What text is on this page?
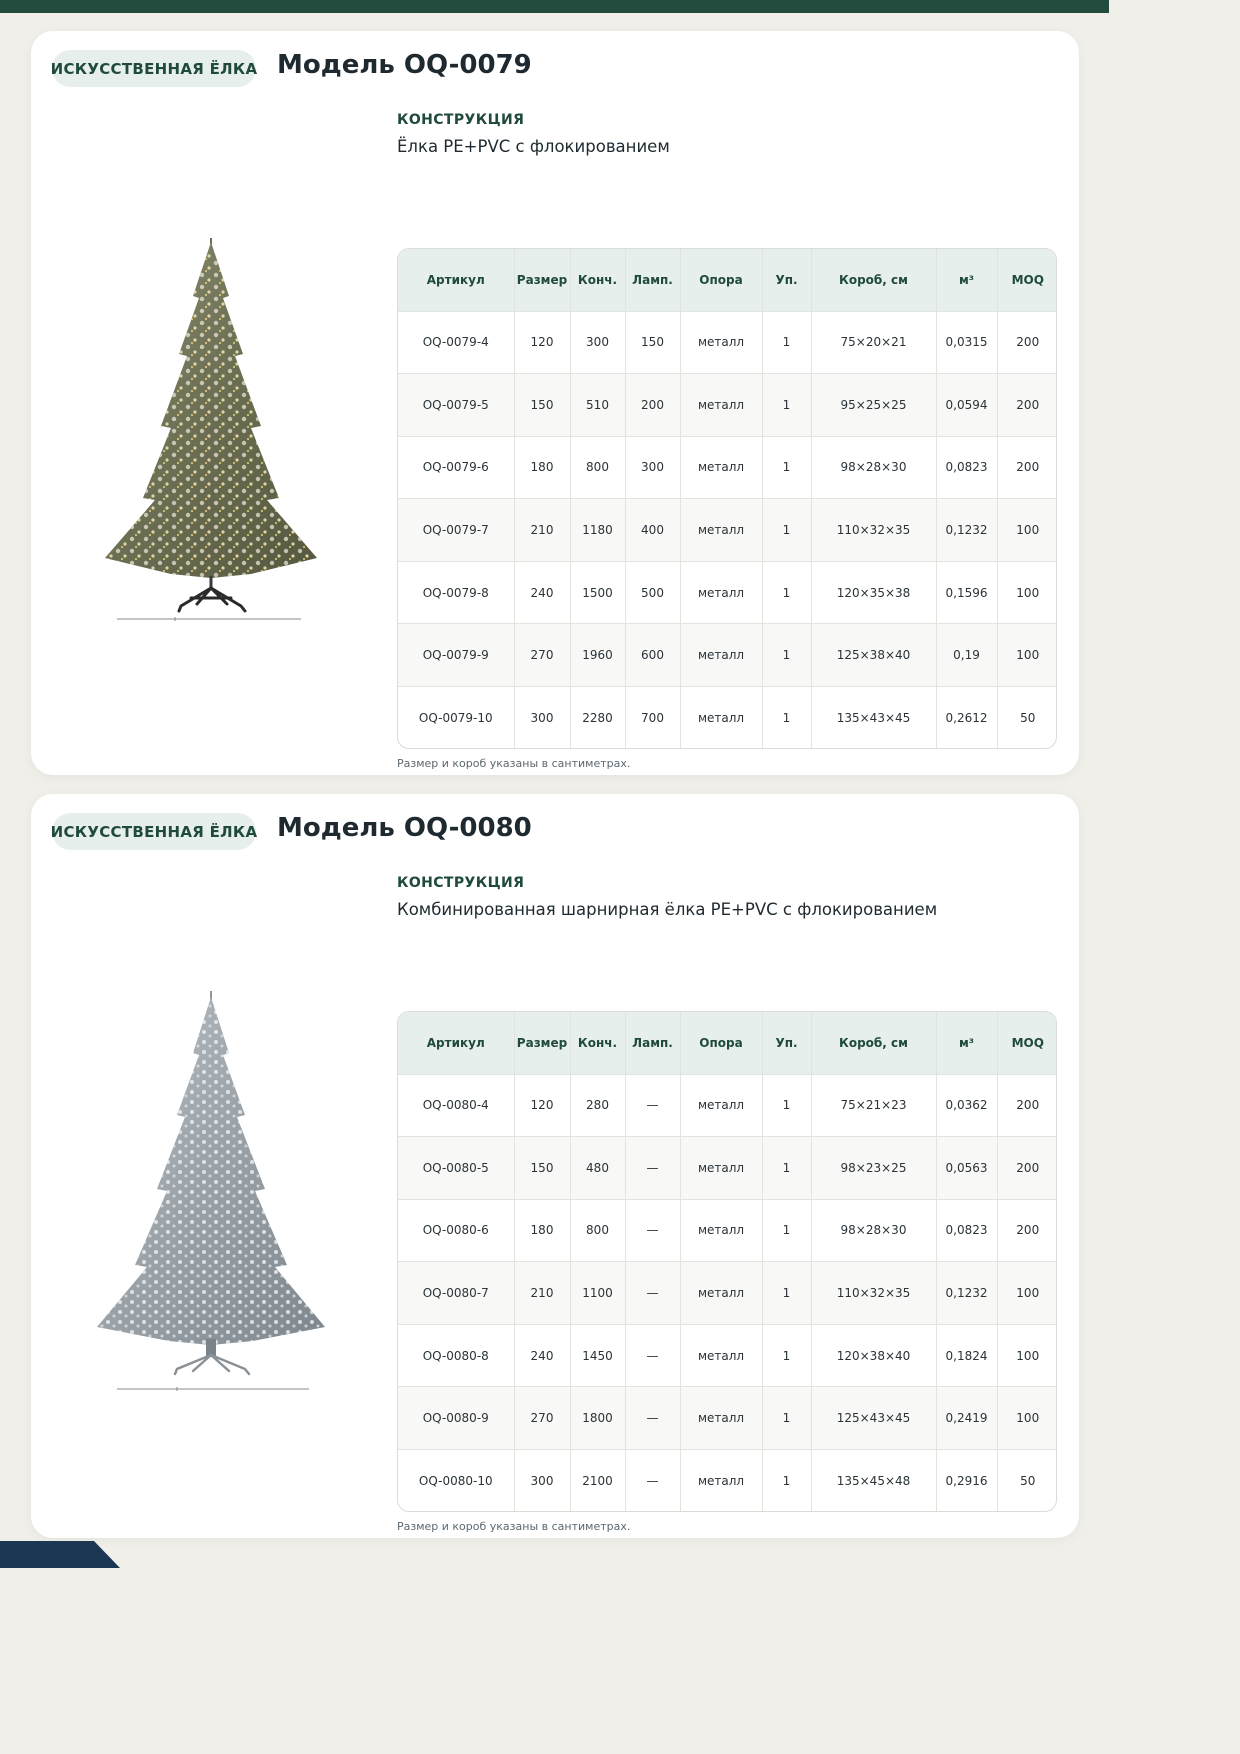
ИСКУССТВЕННАЯ ЁЛКА Модель OQ-0079
КОНСТРУКЦИЯ
Ёлка PE+PVC с флокированием
Артикул	Размер	Конч.	Ламп.	Опора	Уп.	Короб, см	м³	MOQ
OQ-0079-4	120	300	150	металл	1	75×20×21	0,0315	200
OQ-0079-5	150	510	200	металл	1	95×25×25	0,0594	200
OQ-0079-6	180	800	300	металл	1	98×28×30	0,0823	200
OQ-0079-7	210	1180	400	металл	1	110×32×35	0,1232	100
OQ-0079-8	240	1500	500	металл	1	120×35×38	0,1596	100
OQ-0079-9	270	1960	600	металл	1	125×38×40	0,19	100
OQ-0079-10	300	2280	700	металл	1	135×43×45	0,2612	50
Размер и короб указаны в сантиметрах.
ИСКУССТВЕННАЯ ЁЛКА Модель OQ-0080
КОНСТРУКЦИЯ
Комбинированная шарнирная ёлка PE+PVC с флокированием
Артикул	Размер	Конч.	Ламп.	Опора	Уп.	Короб, см	м³	MOQ
OQ-0080-4	120	280	—	металл	1	75×21×23	0,0362	200
OQ-0080-5	150	480	—	металл	1	98×23×25	0,0563	200
OQ-0080-6	180	800	—	металл	1	98×28×30	0,0823	200
OQ-0080-7	210	1100	—	металл	1	110×32×35	0,1232	100
OQ-0080-8	240	1450	—	металл	1	120×38×40	0,1824	100
OQ-0080-9	270	1800	—	металл	1	125×43×45	0,2419	100
OQ-0080-10	300	2100	—	металл	1	135×45×48	0,2916	50
Размер и короб указаны в сантиметрах.
